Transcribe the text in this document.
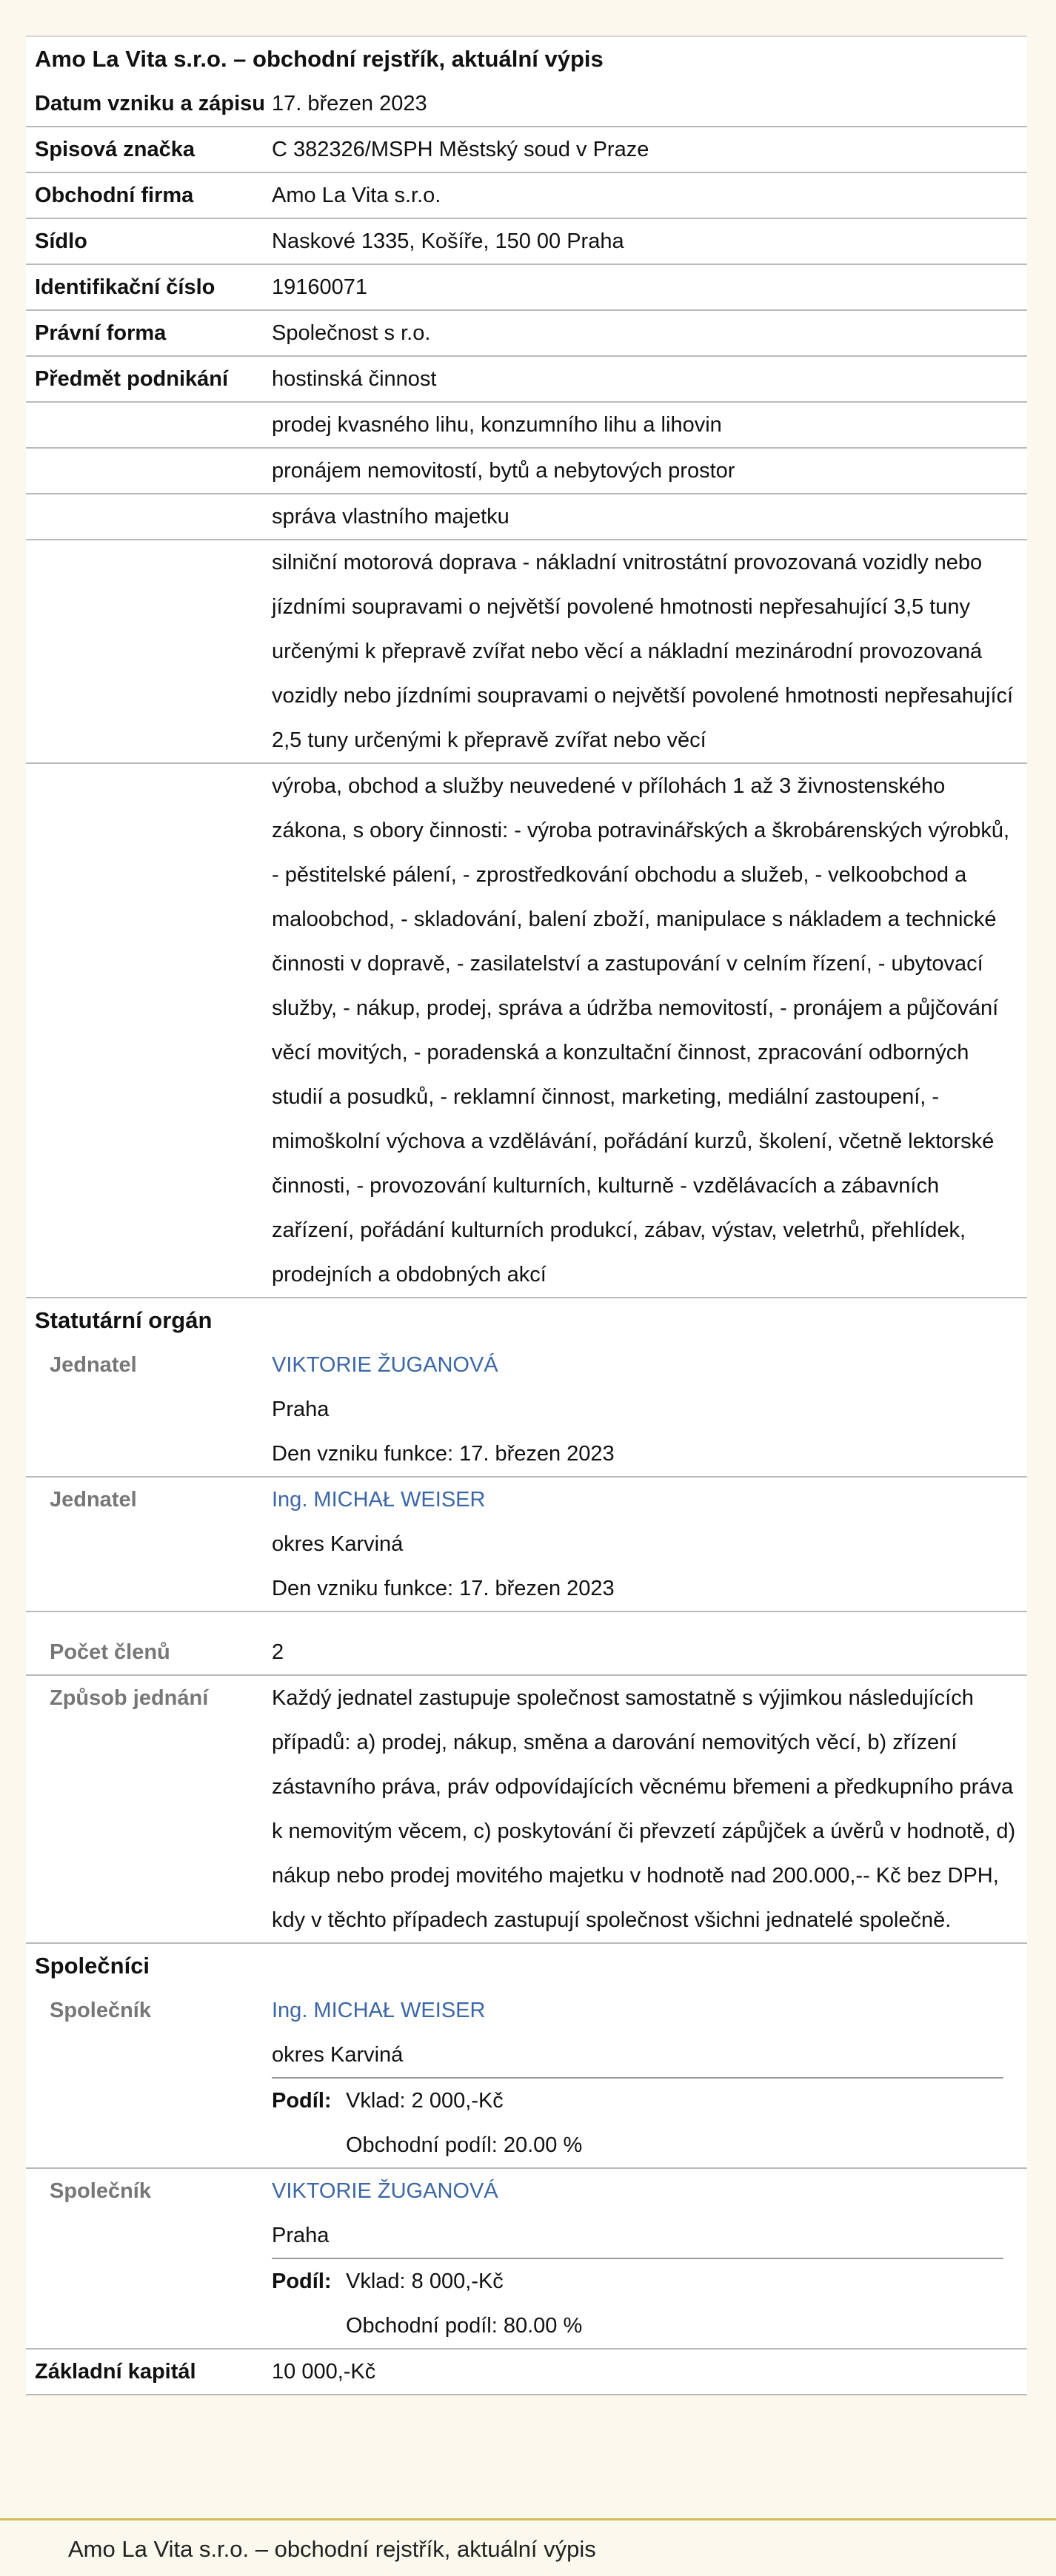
Amo La Vita s.r.o. – obchodní rejstřík, aktuální výpis
Datum vzniku a zápisu 17. březen 2023
Spisová značka	C 382326/MSPH Městský soud v Praze
Obchodní firma	Amo La Vita s.r.o.
Sídlo	Naskové 1335, Košíře, 150 00 Praha
Identifikační číslo	19160071
Právní forma	Společnost s r.o.
Předmět podnikání	hostinská činnost
prodej kvasného lihu, konzumního lihu a lihovin
pronájem nemovitostí, bytů a nebytových prostor
správa vlastního majetku
silniční motorová doprava - nákladní vnitrostátní provozovaná vozidly nebo jízdními soupravami o největší povolené hmotnosti nepřesahující 3,5 tuny určenými k přepravě zvířat nebo věcí a nákladní mezinárodní provozovaná vozidly nebo jízdními soupravami o největší povolené hmotnosti nepřesahující 2,5 tuny určenými k přepravě zvířat nebo věcí
výroba, obchod a služby neuvedené v přílohách 1 až 3 živnostenského zákona, s obory činnosti: - výroba potravinářských a škrobárenských výrobků, - pěstitelské pálení, - zprostředkování obchodu a služeb, - velkoobchod a maloobchod, - skladování, balení zboží, manipulace s nákladem a technické činnosti v dopravě, - zasilatelství a zastupování v celním řízení, - ubytovací služby, - nákup, prodej, správa a údržba nemovitostí, - pronájem a půjčování věcí movitých, - poradenská a konzultační činnost, zpracování odborných studií a posudků, - reklamní činnost, marketing, mediální zastoupení, - mimoškolní výchova a vzdělávání, pořádání kurzů, školení, včetně lektorské činnosti, - provozování kulturních, kulturně - vzdělávacích a zábavních zařízení, pořádání kulturních produkcí, zábav, výstav, veletrhů, přehlídek, prodejních a obdobných akcí
Statutární orgán
Jednatel	VIKTORIE ŽUGANOVÁ
Praha
Den vzniku funkce: 17. březen 2023
Jednatel	Ing. MICHAŁ WEISER
okres Karviná
Den vzniku funkce: 17. březen 2023
Počet členů	2
Způsob jednání	Každý jednatel zastupuje společnost samostatně s výjimkou následujících případů: a) prodej, nákup, směna a darování nemovitých věcí, b) zřízení zástavního práva, práv odpovídajících věcnému břemeni a předkupního práva k nemovitým věcem, c) poskytování či převzetí zápůjček a úvěrů v hodnotě, d) nákup nebo prodej movitého majetku v hodnotě nad 200.000,-- Kč bez DPH, kdy v těchto případech zastupují společnost všichni jednatelé společně.
Společníci
Společník	Ing. MICHAŁ WEISER
okres Karviná
Podíl: Vklad: 2 000,-Kč
Obchodní podíl: 20.00 %
Společník	VIKTORIE ŽUGANOVÁ
Praha
Podíl: Vklad: 8 000,-Kč
Obchodní podíl: 80.00 %
Základní kapitál	10 000,-Kč
Amo La Vita s.r.o. – obchodní rejstřík, aktuální výpis
